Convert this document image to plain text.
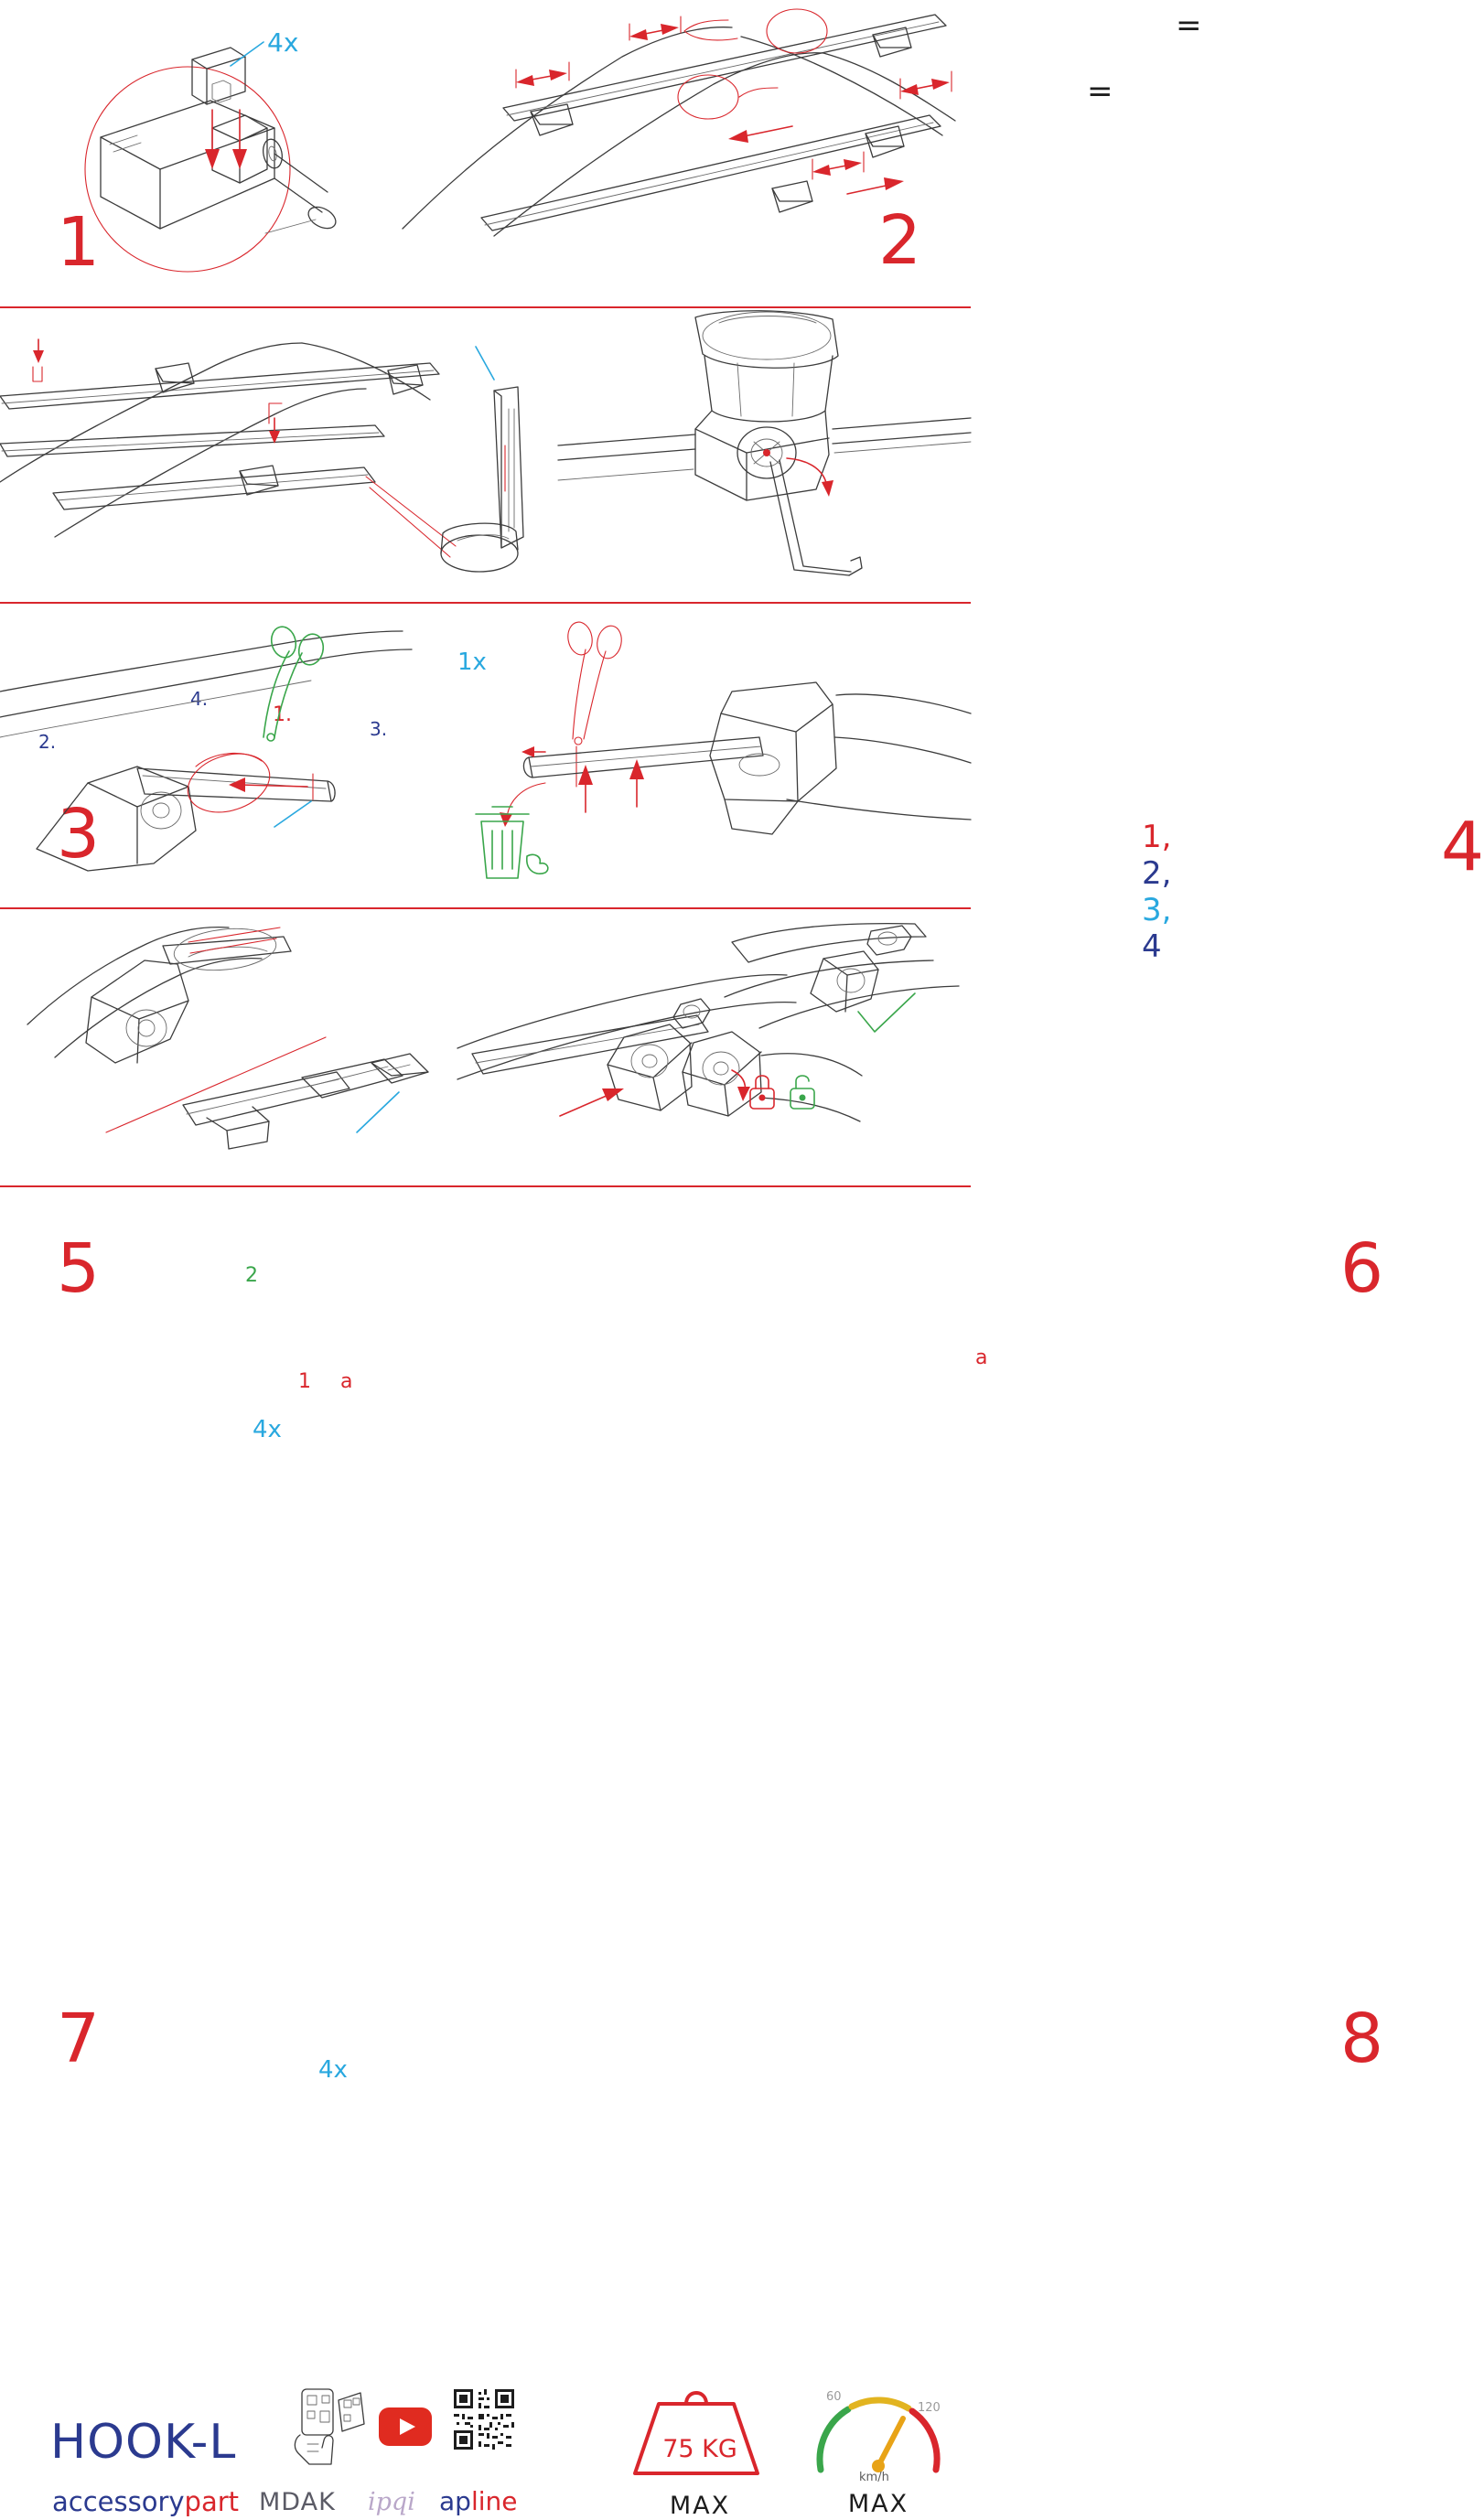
4x
1
=
=
2
1.
2.
3.
4.
1x
3	1, 2, 3, 4
4
2
1 a
4x
5
a
6
4x
7	8
HOOK-L
accessorypart MDAK ipqi apline
75 KG
MAX
60
120
km/h
MAX
